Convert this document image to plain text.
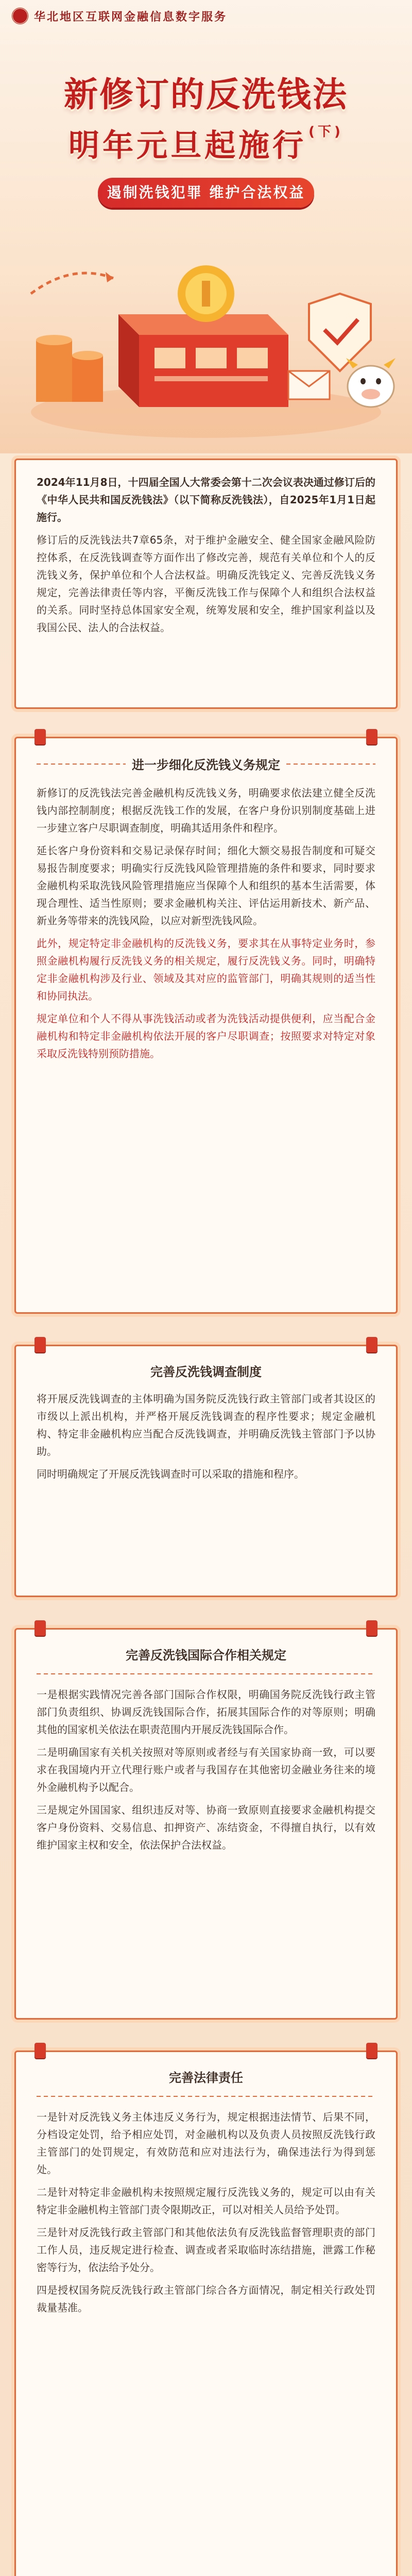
华北地区互联网金融信息数字服务
新修订的反洗钱法
明年元旦起施行 $^{(下)}$
遏制洗钱犯罪 维护合法权益
2024年11月8日，十四届全国人大常委会第十二次会议表决通过修订后的《中华人民共和国反洗钱法》（以下简称反洗钱法），自2025年1月1日起施行。
修订后的反洗钱法共7章65条，对于维护金融安全、健全国家金融风险防控体系，在反洗钱调查等方面作出了修改完善，规范有关单位和个人的反洗钱义务，保护单位和个人合法权益。明确反洗钱定义、完善反洗钱义务规定，完善法律责任等内容，平衡反洗钱工作与保障个人和组织合法权益的关系。同时坚持总体国家安全观，统筹发展和安全，维护国家利益以及我国公民、法人的合法权益。
进一步细化反洗钱义务规定
新修订的反洗钱法完善金融机构反洗钱义务，明确要求依法建立健全反洗钱内部控制制度；根据反洗钱工作的发展，在客户身份识别制度基础上进一步建立客户尽职调查制度，明确其适用条件和程序。
延长客户身份资料和交易记录保存时间；细化大额交易报告制度和可疑交易报告制度要求；明确实行反洗钱风险管理措施的条件和要求，同时要求金融机构采取洗钱风险管理措施应当保障个人和组织的基本生活需要，体现合理性、适当性原则；要求金融机构关注、评估运用新技术、新产品、新业务等带来的洗钱风险，以应对新型洗钱风险。
此外，规定特定非金融机构的反洗钱义务，要求其在从事特定业务时，参照金融机构履行反洗钱义务的相关规定，履行反洗钱义务。同时，明确特定非金融机构涉及行业、领域及其对应的监管部门，明确其规则的适当性和协同执法。
规定单位和个人不得从事洗钱活动或者为洗钱活动提供便利，应当配合金融机构和特定非金融机构依法开展的客户尽职调查；按照要求对特定对象采取反洗钱特别预防措施。
完善反洗钱调查制度
将开展反洗钱调查的主体明确为国务院反洗钱行政主管部门或者其设区的市级以上派出机构，并严格开展反洗钱调查的程序性要求；规定金融机构、特定非金融机构应当配合反洗钱调查，并明确反洗钱主管部门予以协助。
同时明确规定了开展反洗钱调查时可以采取的措施和程序。
完善反洗钱国际合作相关规定
一是根据实践情况完善各部门国际合作权限，明确国务院反洗钱行政主管部门负责组织、协调反洗钱国际合作，拓展其国际合作的对等原则；明确其他的国家机关依法在职责范围内开展反洗钱国际合作。
二是明确国家有关机关按照对等原则或者经与有关国家协商一致，可以要求在我国境内开立代理行账户或者与我国存在其他密切金融业务往来的境外金融机构予以配合。
三是规定外国国家、组织违反对等、协商一致原则直接要求金融机构提交客户身份资料、交易信息、扣押资产、冻结资金，不得擅自执行，以有效维护国家主权和安全，依法保护合法权益。
完善法律责任
一是针对反洗钱义务主体违反义务行为，规定根据违法情节、后果不同，分档设定处罚，给予相应处罚，对金融机构以及负责人员按照反洗钱行政主管部门的处罚规定，有效防范和应对违法行为，确保违法行为得到惩处。
二是针对特定非金融机构未按照规定履行反洗钱义务的，规定可以由有关特定非金融机构主管部门责令限期改正，可以对相关人员给予处罚。
三是针对反洗钱行政主管部门和其他依法负有反洗钱监督管理职责的部门工作人员，违反规定进行检查、调查或者采取临时冻结措施，泄露工作秘密等行为，依法给予处分。
四是授权国务院反洗钱行政主管部门综合各方面情况，制定相关行政处罚裁量基准。
